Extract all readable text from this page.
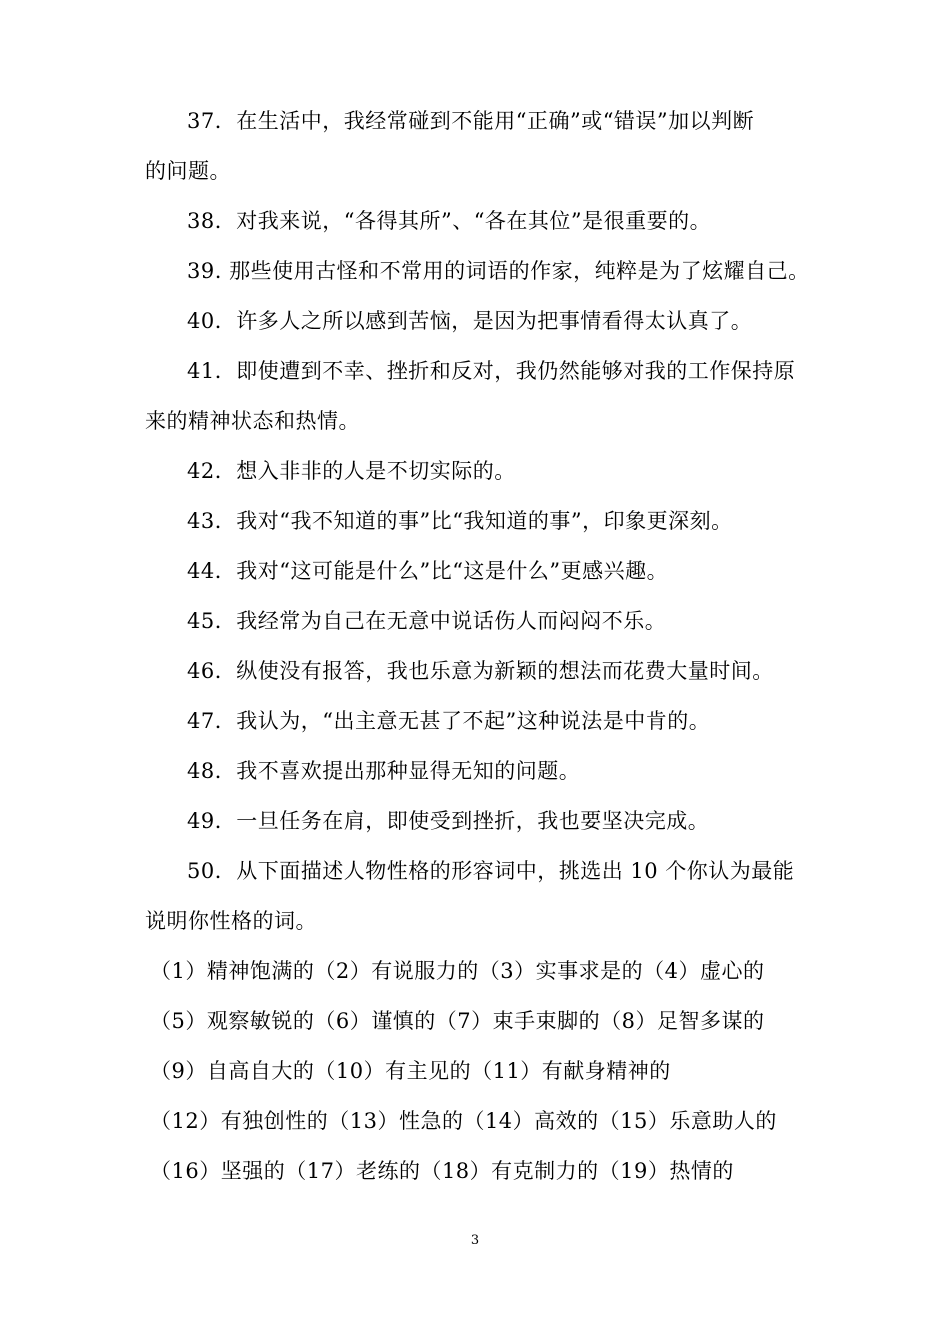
37．在生活中，我经常碰到不能用“正确”或“错误”加以判断
的问题。
38．对我来说，“各得其所”、“各在其位”是很重要的。
39. 那些使用古怪和不常用的词语的作家，纯粹是为了炫耀自己。
40．许多人之所以感到苦恼，是因为把事情看得太认真了。
41．即使遭到不幸、挫折和反对，我仍然能够对我的工作保持原
来的精神状态和热情。
42．想入非非的人是不切实际的。
43．我对“我不知道的事”比“我知道的事”，印象更深刻。
44．我对“这可能是什么”比“这是什么”更感兴趣。
45．我经常为自己在无意中说话伤人而闷闷不乐。
46．纵使没有报答，我也乐意为新颖的想法而花费大量时间。
47．我认为，“出主意无甚了不起”这种说法是中肯的。
48．我不喜欢提出那种显得无知的问题。
49．一旦任务在肩，即使受到挫折，我也要坚决完成。
50．从下面描述人物性格的形容词中，挑选出 10 个你认为最能
说明你性格的词。
（1）精神饱满的（2）有说服力的（3）实事求是的（4）虚心的
（5）观察敏锐的（6）谨慎的（7）束手束脚的（8）足智多谋的
（9）自高自大的（10）有主见的（11）有献身精神的
（12）有独创性的（13）性急的（14）高效的（15）乐意助人的
（16）坚强的（17）老练的（18）有克制力的（19）热情的
3
